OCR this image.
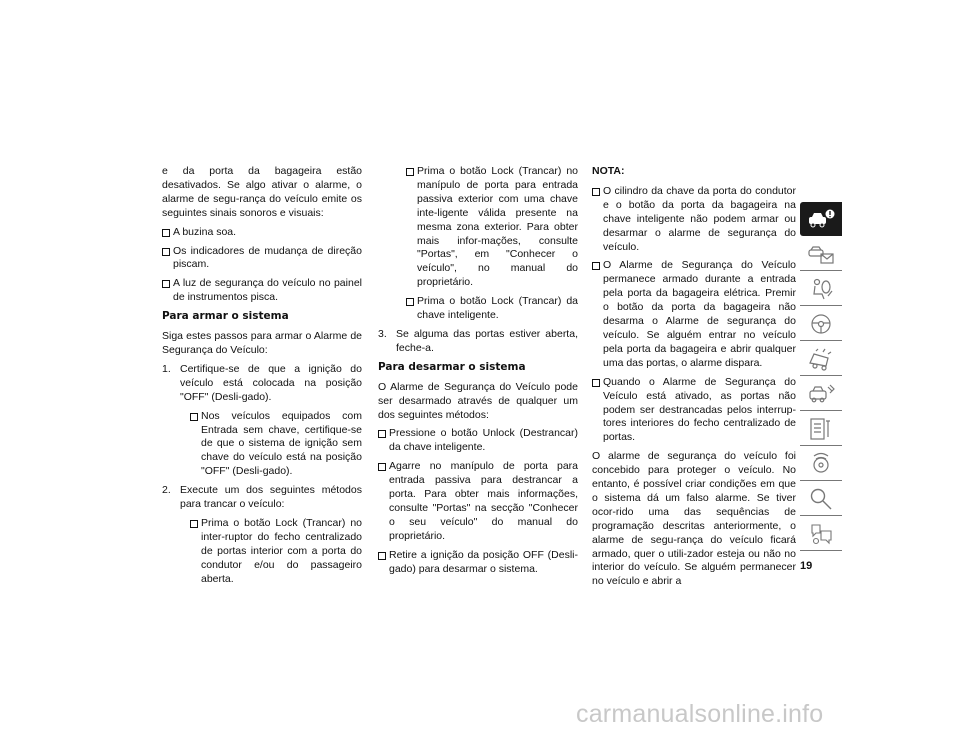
e da porta da bagageira estão desativados. Se algo ativar o alarme, o alarme de segu-rança do veículo emite os seguintes sinais sonoros e visuais:

A buzina soa.
Os indicadores de mudança de direção piscam.
A luz de segurança do veículo no painel de instrumentos pisca.
Para armar o sistema

Siga estes passos para armar o Alarme de Segurança do Veículo:

1. Certifique-se de que a ignição do veículo está colocada na posição "OFF" (Desli-gado).
Nos veículos equipados com Entrada sem chave, certifique-se de que o sistema de ignição sem chave do veículo está na posição "OFF" (Desli-gado).
2. Execute um dos seguintes métodos para trancar o veículo:
Prima o botão Lock (Trancar) no inter-ruptor do fecho centralizado de portas interior com a porta do condutor e/ou do passageiro aberta.
Prima o botão Lock (Trancar) no manípulo de porta para entrada passiva exterior com uma chave inte-ligente válida presente na mesma zona exterior. Para obter mais infor-mações, consulte "Portas", em "Conhecer o veículo", no manual do proprietário.
Prima o botão Lock (Trancar) da chave inteligente.
3. Se alguma das portas estiver aberta, feche-a.
Para desarmar o sistema

O Alarme de Segurança do Veículo pode ser desarmado através de qualquer um dos seguintes métodos:

Pressione o botão Unlock (Destrancar) da chave inteligente.
Agarre no manípulo de porta para entrada passiva para destrancar a porta. Para obter mais informações, consulte "Portas" na secção "Conhecer o seu veículo" do manual do proprietário.
Retire a ignição da posição OFF (Desli-gado) para desarmar o sistema.
NOTA:
O cilindro da chave da porta do condutor e o botão da porta da bagageira na chave inteligente não podem armar ou desarmar o alarme de segurança do veículo.
O Alarme de Segurança do Veículo permanece armado durante a entrada pela porta da bagageira elétrica. Premir o botão da porta da bagageira não desarma o Alarme de segurança do veículo. Se alguém entrar no veículo pela porta da bagageira e abrir qualquer uma das portas, o alarme dispara.
Quando o Alarme de Segurança do Veículo está ativado, as portas não podem ser destrancadas pelos interrup-tores interiores do fecho centralizado de portas.

O alarme de segurança do veículo foi concebido para proteger o veículo. No entanto, é possível criar condições em que o sistema dá um falso alarme. Se tiver ocor-rido uma das sequências de programação descritas anteriormente, o alarme de segu-rança do veículo ficará armado, quer o utili-zador esteja ou não no interior do veículo. Se alguém permanecer no veículo e abrir a

19
carmanualsonline.info
